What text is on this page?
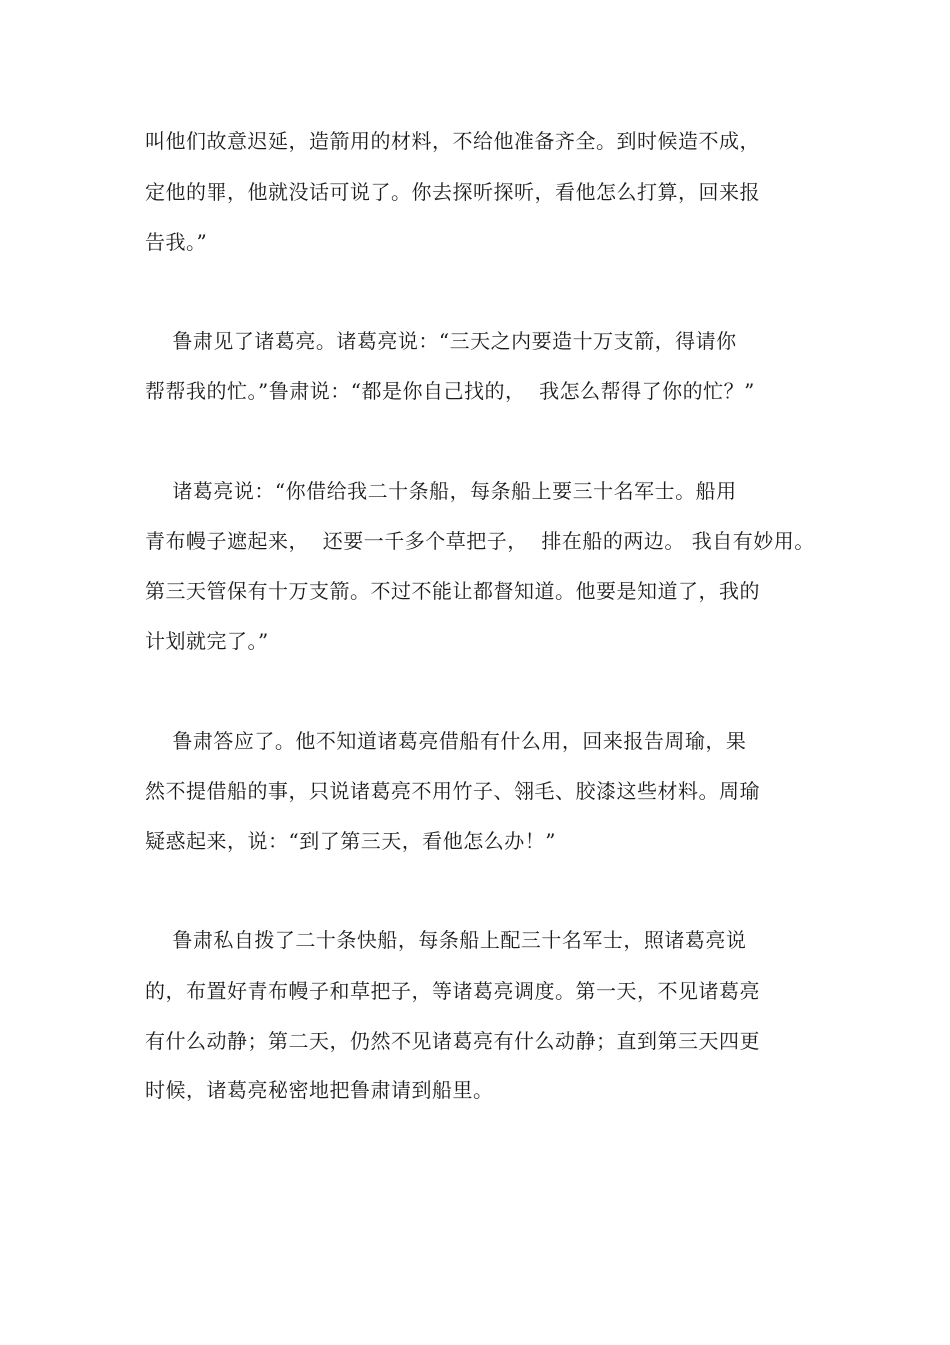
叫他们故意迟延，造箭用的材料，不给他准备齐全。到时候造不成，
定他的罪，他就没话可说了。你去探听探听，看他怎么打算，回来报
告我。”
鲁肃见了诸葛亮。诸葛亮说：“三天之内要造十万支箭，得请你
帮帮我的忙。”鲁肃说：“都是你自己找的，  我怎么帮得了你的忙？”
诸葛亮说：“你借给我二十条船，每条船上要三十名军士。船用
青布幔子遮起来，  还要一千多个草把子，  排在船的两边。 我自有妙用。
第三天管保有十万支箭。不过不能让都督知道。他要是知道了，我的
计划就完了。”
鲁肃答应了。他不知道诸葛亮借船有什么用，回来报告周瑜，果
然不提借船的事，只说诸葛亮不用竹子、翎毛、胶漆这些材料。周瑜
疑惑起来，说：“到了第三天，看他怎么办！”
鲁肃私自拨了二十条快船，每条船上配三十名军士，照诸葛亮说
的，布置好青布幔子和草把子，等诸葛亮调度。第一天，不见诸葛亮
有什么动静；第二天，仍然不见诸葛亮有什么动静；直到第三天四更
时候，诸葛亮秘密地把鲁肃请到船里。
